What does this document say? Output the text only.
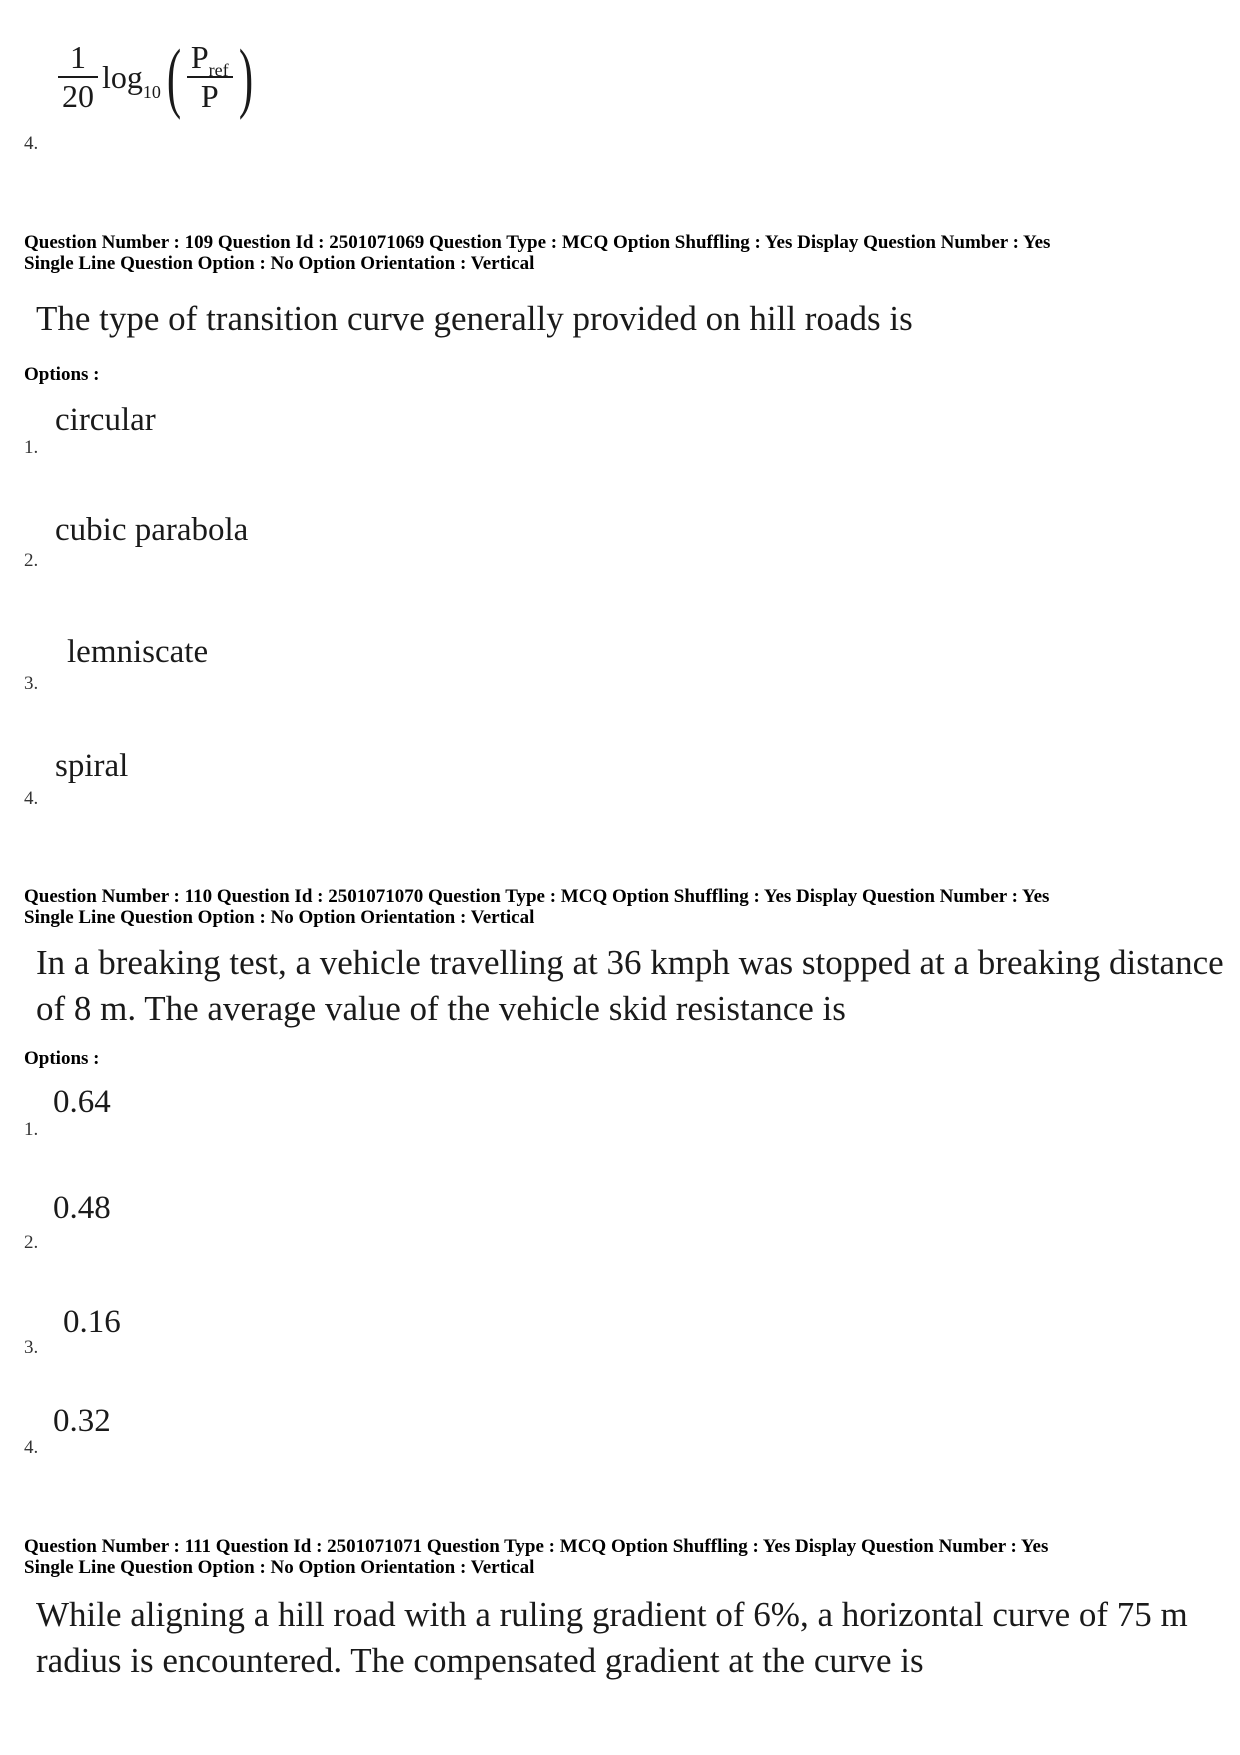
$\frac{1}{20} \log_{10}$ ( $\frac{P_{ref}}{P}$ )
4.
Question Number : 109 Question Id : 2501071069 Question Type : MCQ Option Shuffling : Yes Display Question Number : Yes
Single Line Question Option : No Option Orientation : Vertical
The type of transition curve generally provided on hill roads is
Options :
circular
1.
cubic parabola
2.
lemniscate
3.
spiral
4.
Question Number : 110 Question Id : 2501071070 Question Type : MCQ Option Shuffling : Yes Display Question Number : Yes
Single Line Question Option : No Option Orientation : Vertical
In a breaking test, a vehicle travelling at 36 kmph was stopped at a breaking distance
of 8 m. The average value of the vehicle skid resistance is
Options :
0.64
1.
0.48
2.
0.16
3.
0.32
4.
Question Number : 111 Question Id : 2501071071 Question Type : MCQ Option Shuffling : Yes Display Question Number : Yes
Single Line Question Option : No Option Orientation : Vertical
While aligning a hill road with a ruling gradient of 6%, a horizontal curve of 75 m
radius is encountered. The compensated gradient at the curve is
